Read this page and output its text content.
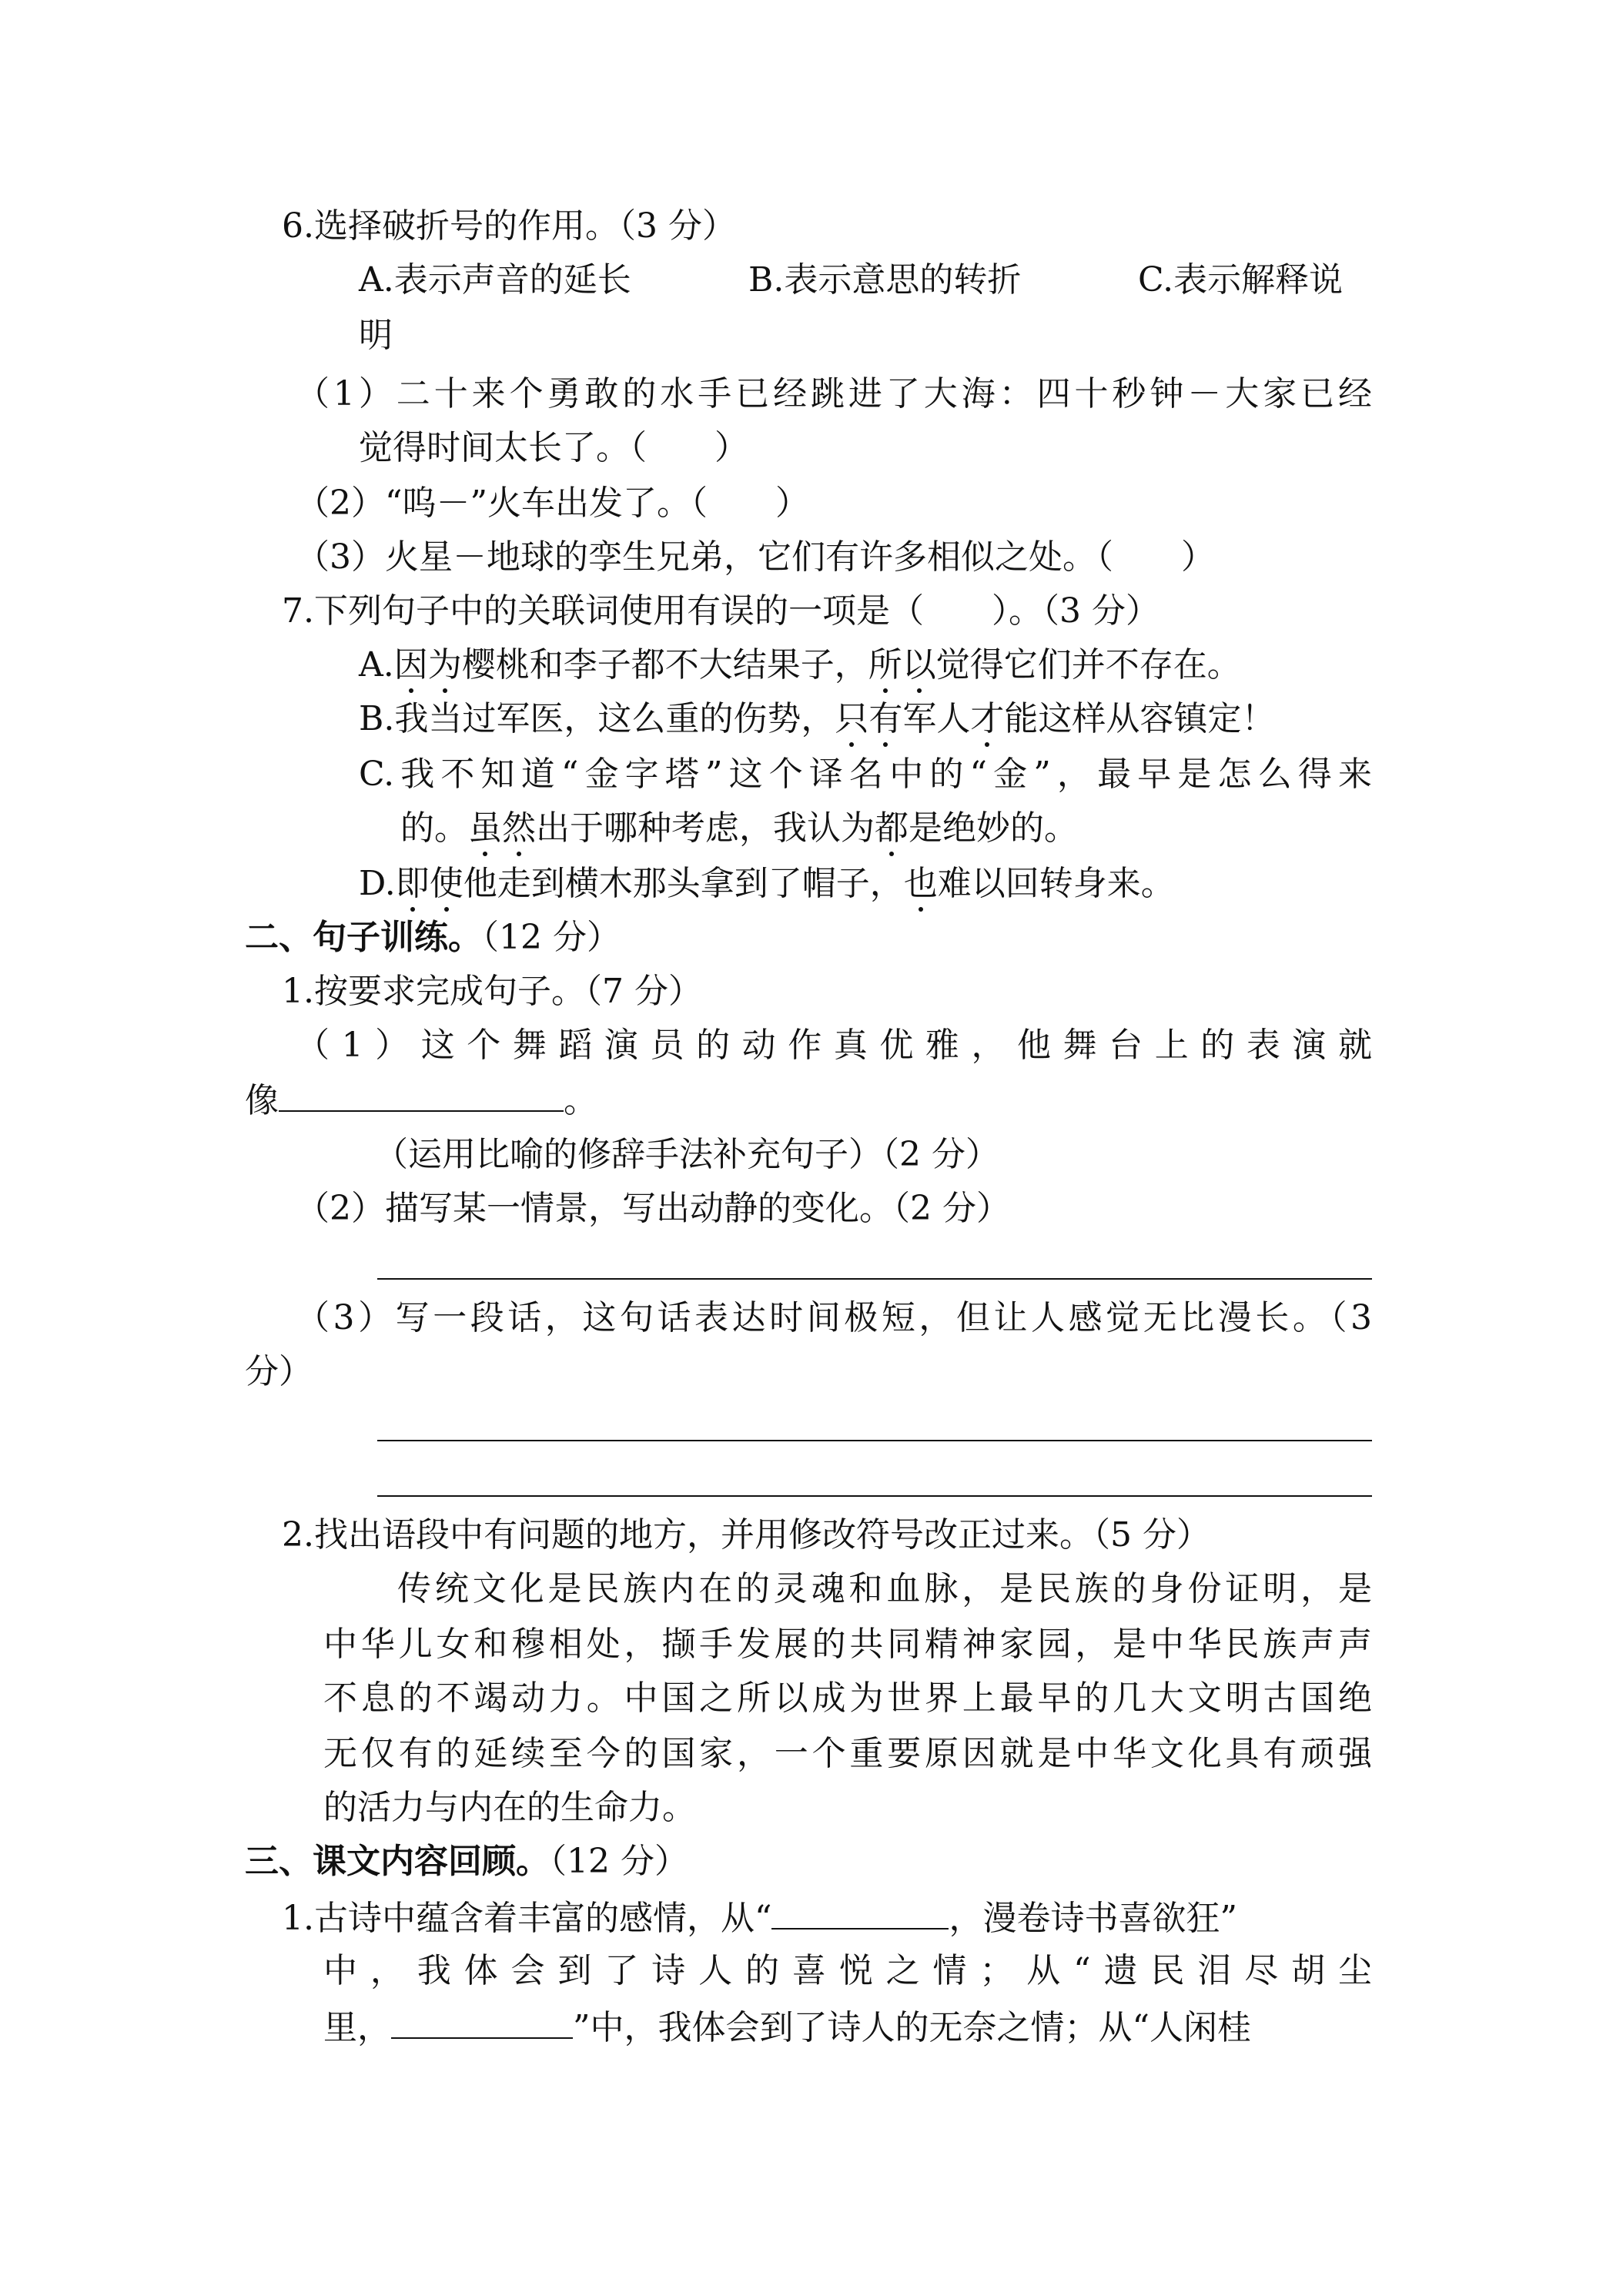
6.选择破折号的作用。（3 分）
A.表示声音的延长	B.表示意思的转折	C.表示解释说
明
（1）二十来个勇敢的水手已经跳进了大海：四十秒钟－大家已经
觉得时间太长了。（　　）
（2）“呜－”火车出发了。（　　）
（3）火星－地球的孪生兄弟，它们有许多相似之处。（　　）
7.下列句子中的关联词使用有误的一项是（　　）。（3 分）
A.因为樱桃和李子都不大结果子，所以觉得它们并不存在。
B.我当过军医，这么重的伤势，只有军人才能这样从容镇定！
C.我不知道“金字塔”这个译名中的“金”，最早是怎么得来
的。虽然出于哪种考虑，我认为都是绝妙的。
D.即使他走到横木那头拿到了帽子，也难以回转身来。
二、句子训练。（12 分）
1.按要求完成句子。（7 分）
（1）这个舞蹈演员的动作真优雅，他舞台上的表演就
像	。
（运用比喻的修辞手法补充句子）（2 分）
（2）描写某一情景，写出动静的变化。（2 分）
（3）写一段话，这句话表达时间极短，但让人感觉无比漫长。（3
分）
2.找出语段中有问题的地方，并用修改符号改正过来。（5 分）
传统文化是民族内在的灵魂和血脉，是民族的身份证明，是
中华儿女和穆相处，撷手发展的共同精神家园，是中华民族声声
不息的不竭动力。中国之所以成为世界上最早的几大文明古国绝
无仅有的延续至今的国家，一个重要原因就是中华文化具有顽强
的活力与内在的生命力。
三、课文内容回顾。（12 分）
1.古诗中蕴含着丰富的感情，从“	，漫卷诗书喜欲狂”
中，我体会到了诗人的喜悦之情；从“遗民泪尽胡尘
里，	”中，我体会到了诗人的无奈之情；从“人闲桂
